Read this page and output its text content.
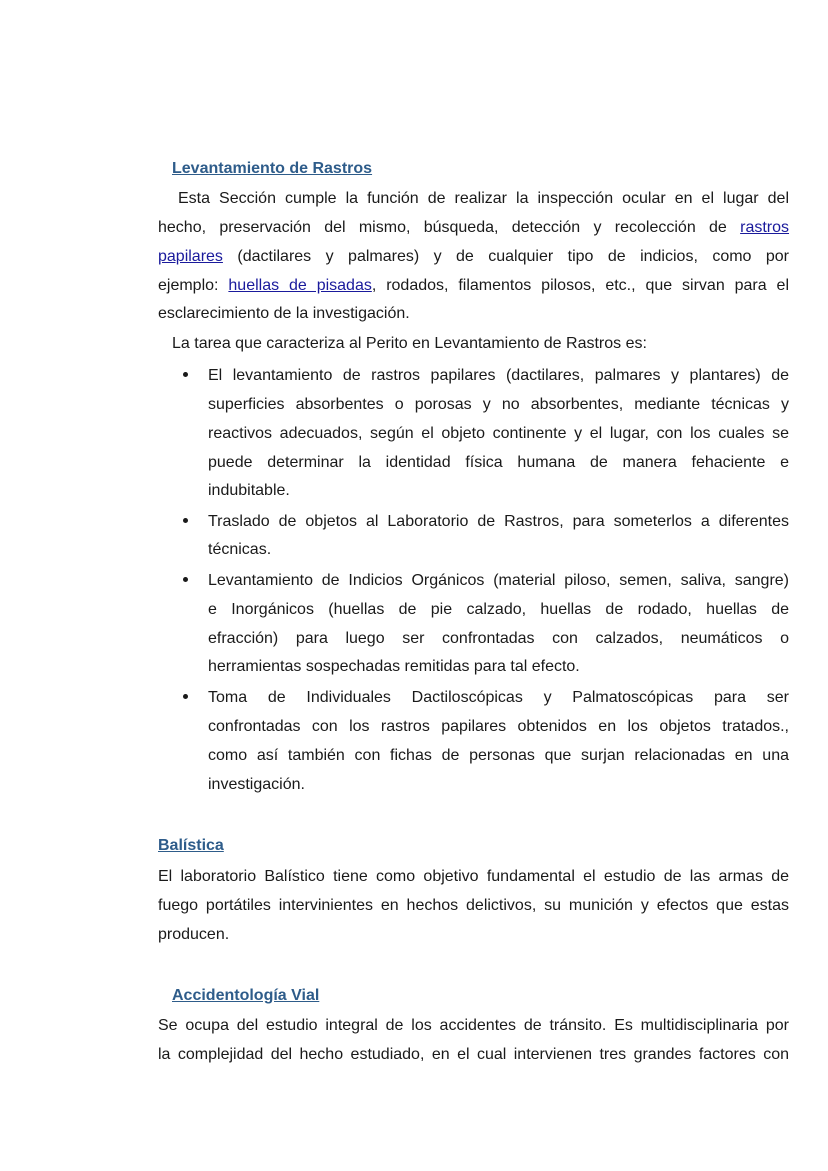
Levantamiento de Rastros
Esta Sección cumple la función de realizar la inspección ocular en el lugar del
hecho, preservación del mismo, búsqueda, detección y recolección de rastros
papilares (dactilares y palmares) y de cualquier tipo de indicios, como por
ejemplo: huellas de pisadas, rodados, filamentos pilosos, etc., que sirvan para el
esclarecimiento de la investigación.
La tarea que caracteriza al Perito en Levantamiento de Rastros es:
El levantamiento de rastros papilares (dactilares, palmares y plantares) de
superficies absorbentes o porosas y no absorbentes, mediante técnicas y
reactivos adecuados, según el objeto continente y el lugar, con los cuales se
puede determinar la identidad física humana de manera fehaciente e
indubitable.
Traslado de objetos al Laboratorio de Rastros, para someterlos a diferentes
técnicas.
Levantamiento de Indicios Orgánicos (material piloso, semen, saliva, sangre)
e Inorgánicos (huellas de pie calzado, huellas de rodado, huellas de
efracción) para luego ser confrontadas con calzados, neumáticos o
herramientas sospechadas remitidas para tal efecto.
Toma de Individuales Dactiloscópicas y Palmatoscópicas para ser
confrontadas con los rastros papilares obtenidos en los objetos tratados.,
como así también con fichas de personas que surjan relacionadas en una
investigación.
Balística
El laboratorio Balístico tiene como objetivo fundamental el estudio de las armas de
fuego portátiles intervinientes en hechos delictivos, su munición y efectos que estas
producen.
Accidentología Vial
Se ocupa del estudio integral de los accidentes de tránsito. Es multidisciplinaria por
la complejidad del hecho estudiado, en el cual intervienen tres grandes factores con
